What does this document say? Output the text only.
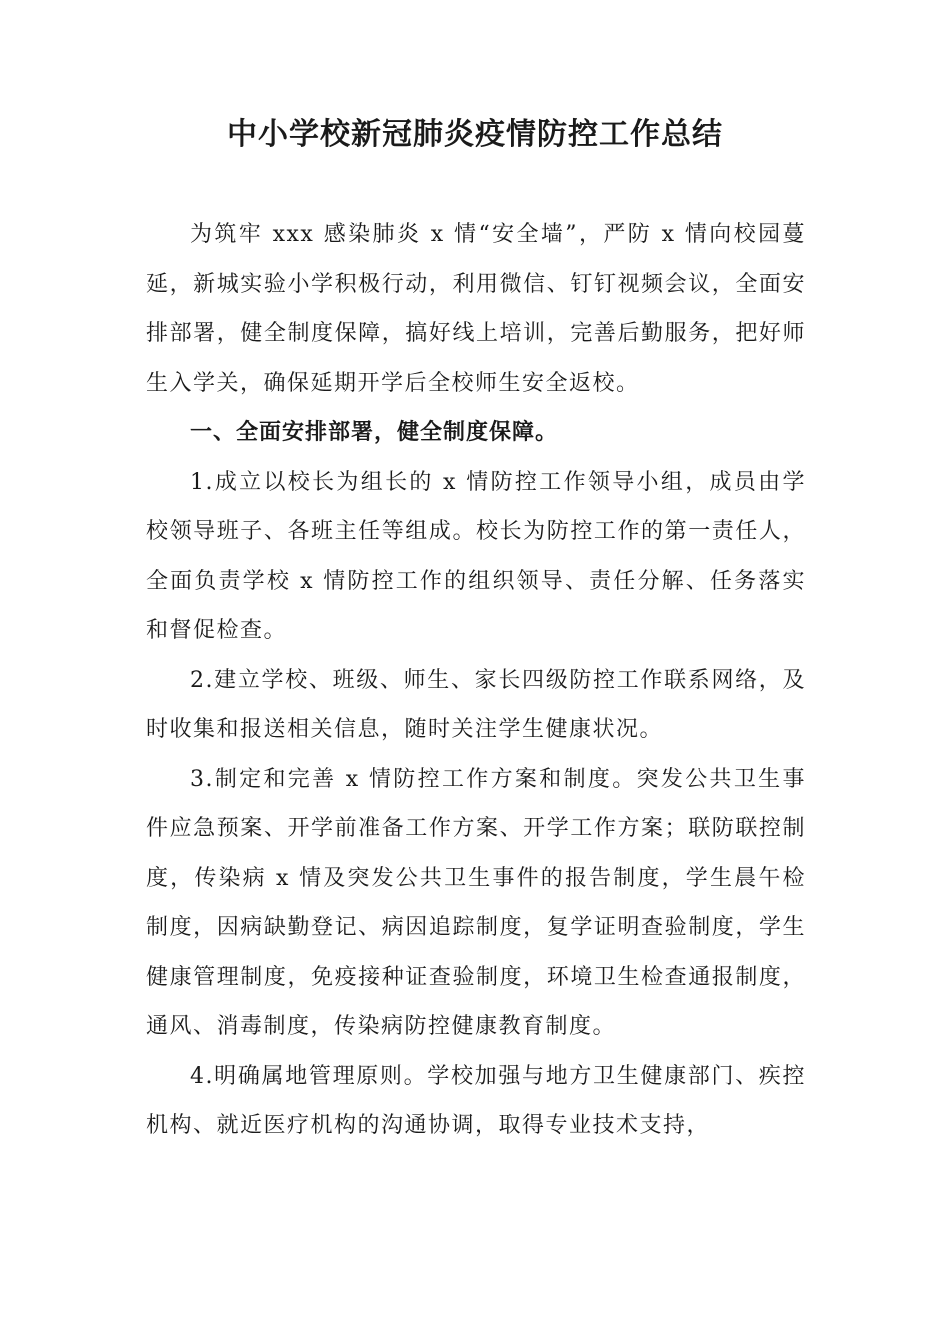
中小学校新冠肺炎疫情防控工作总结

为筑牢 xxx 感染肺炎 x 情“安全墙”，严防 x 情向校园蔓延，新城实验小学积极行动，利用微信、钉钉视频会议，全面安排部署，健全制度保障，搞好线上培训，完善后勤服务，把好师生入学关，确保延期开学后全校师生安全返校。

一、全面安排部署，健全制度保障。

1.成立以校长为组长的 x 情防控工作领导小组，成员由学校领导班子、各班主任等组成。校长为防控工作的第一责任人，全面负责学校 x 情防控工作的组织领导、责任分解、任务落实和督促检查。

2.建立学校、班级、师生、家长四级防控工作联系网络，及时收集和报送相关信息，随时关注学生健康状况。

3.制定和完善 x 情防控工作方案和制度。突发公共卫生事件应急预案、开学前准备工作方案、开学工作方案；联防联控制度，传染病 x 情及突发公共卫生事件的报告制度，学生晨午检制度，因病缺勤登记、病因追踪制度，复学证明查验制度，学生健康管理制度，免疫接种证查验制度，环境卫生检查通报制度，通风、消毒制度，传染病防控健康教育制度。

4.明确属地管理原则。学校加强与地方卫生健康部门、疾控机构、就近医疗机构的沟通协调，取得专业技术支持，
